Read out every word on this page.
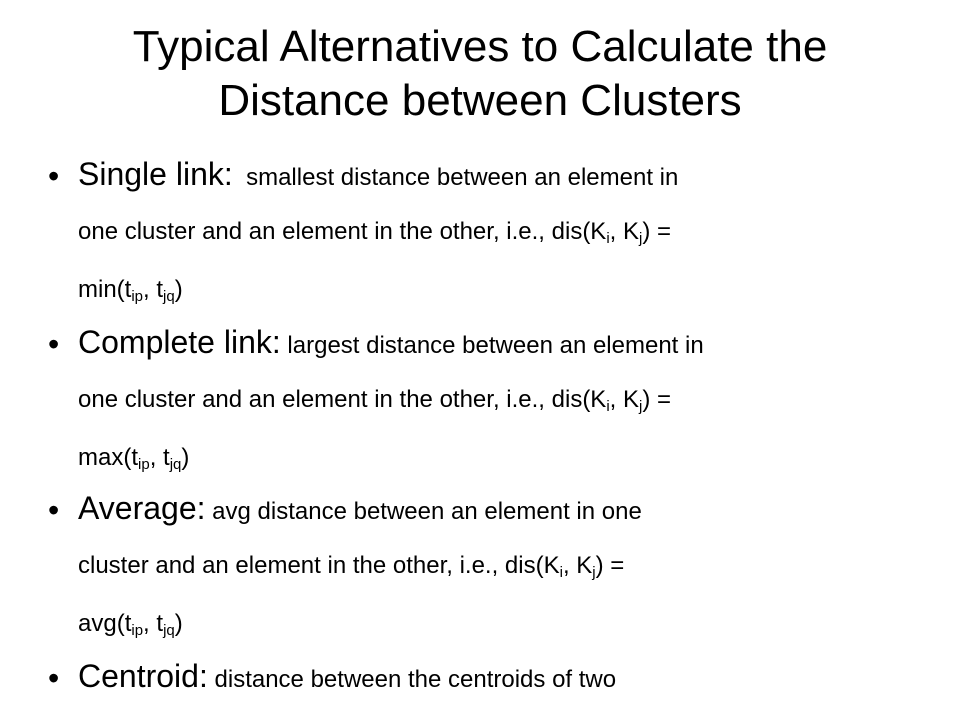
Typical Alternatives to Calculate the
Distance between Clusters
• Single link: smallest distance between an element in
one cluster and an element in the other, i.e., $dis(K_i$, $K_j$) =
$\min(t_{ip}$, $t_{jq}$)
• Complete link: largest distance between an element in
one cluster and an element in the other, i.e., $dis(K_i$, $K_j$) =
$\max(t_{ip}$, $t_{jq}$)
• Average: avg distance between an element in one
cluster and an element in the other, i.e., $dis(K_i$, $K_j$) =
$avg(t_{ip}$, $t_{jq}$)
• Centroid: distance between the centroids of two
